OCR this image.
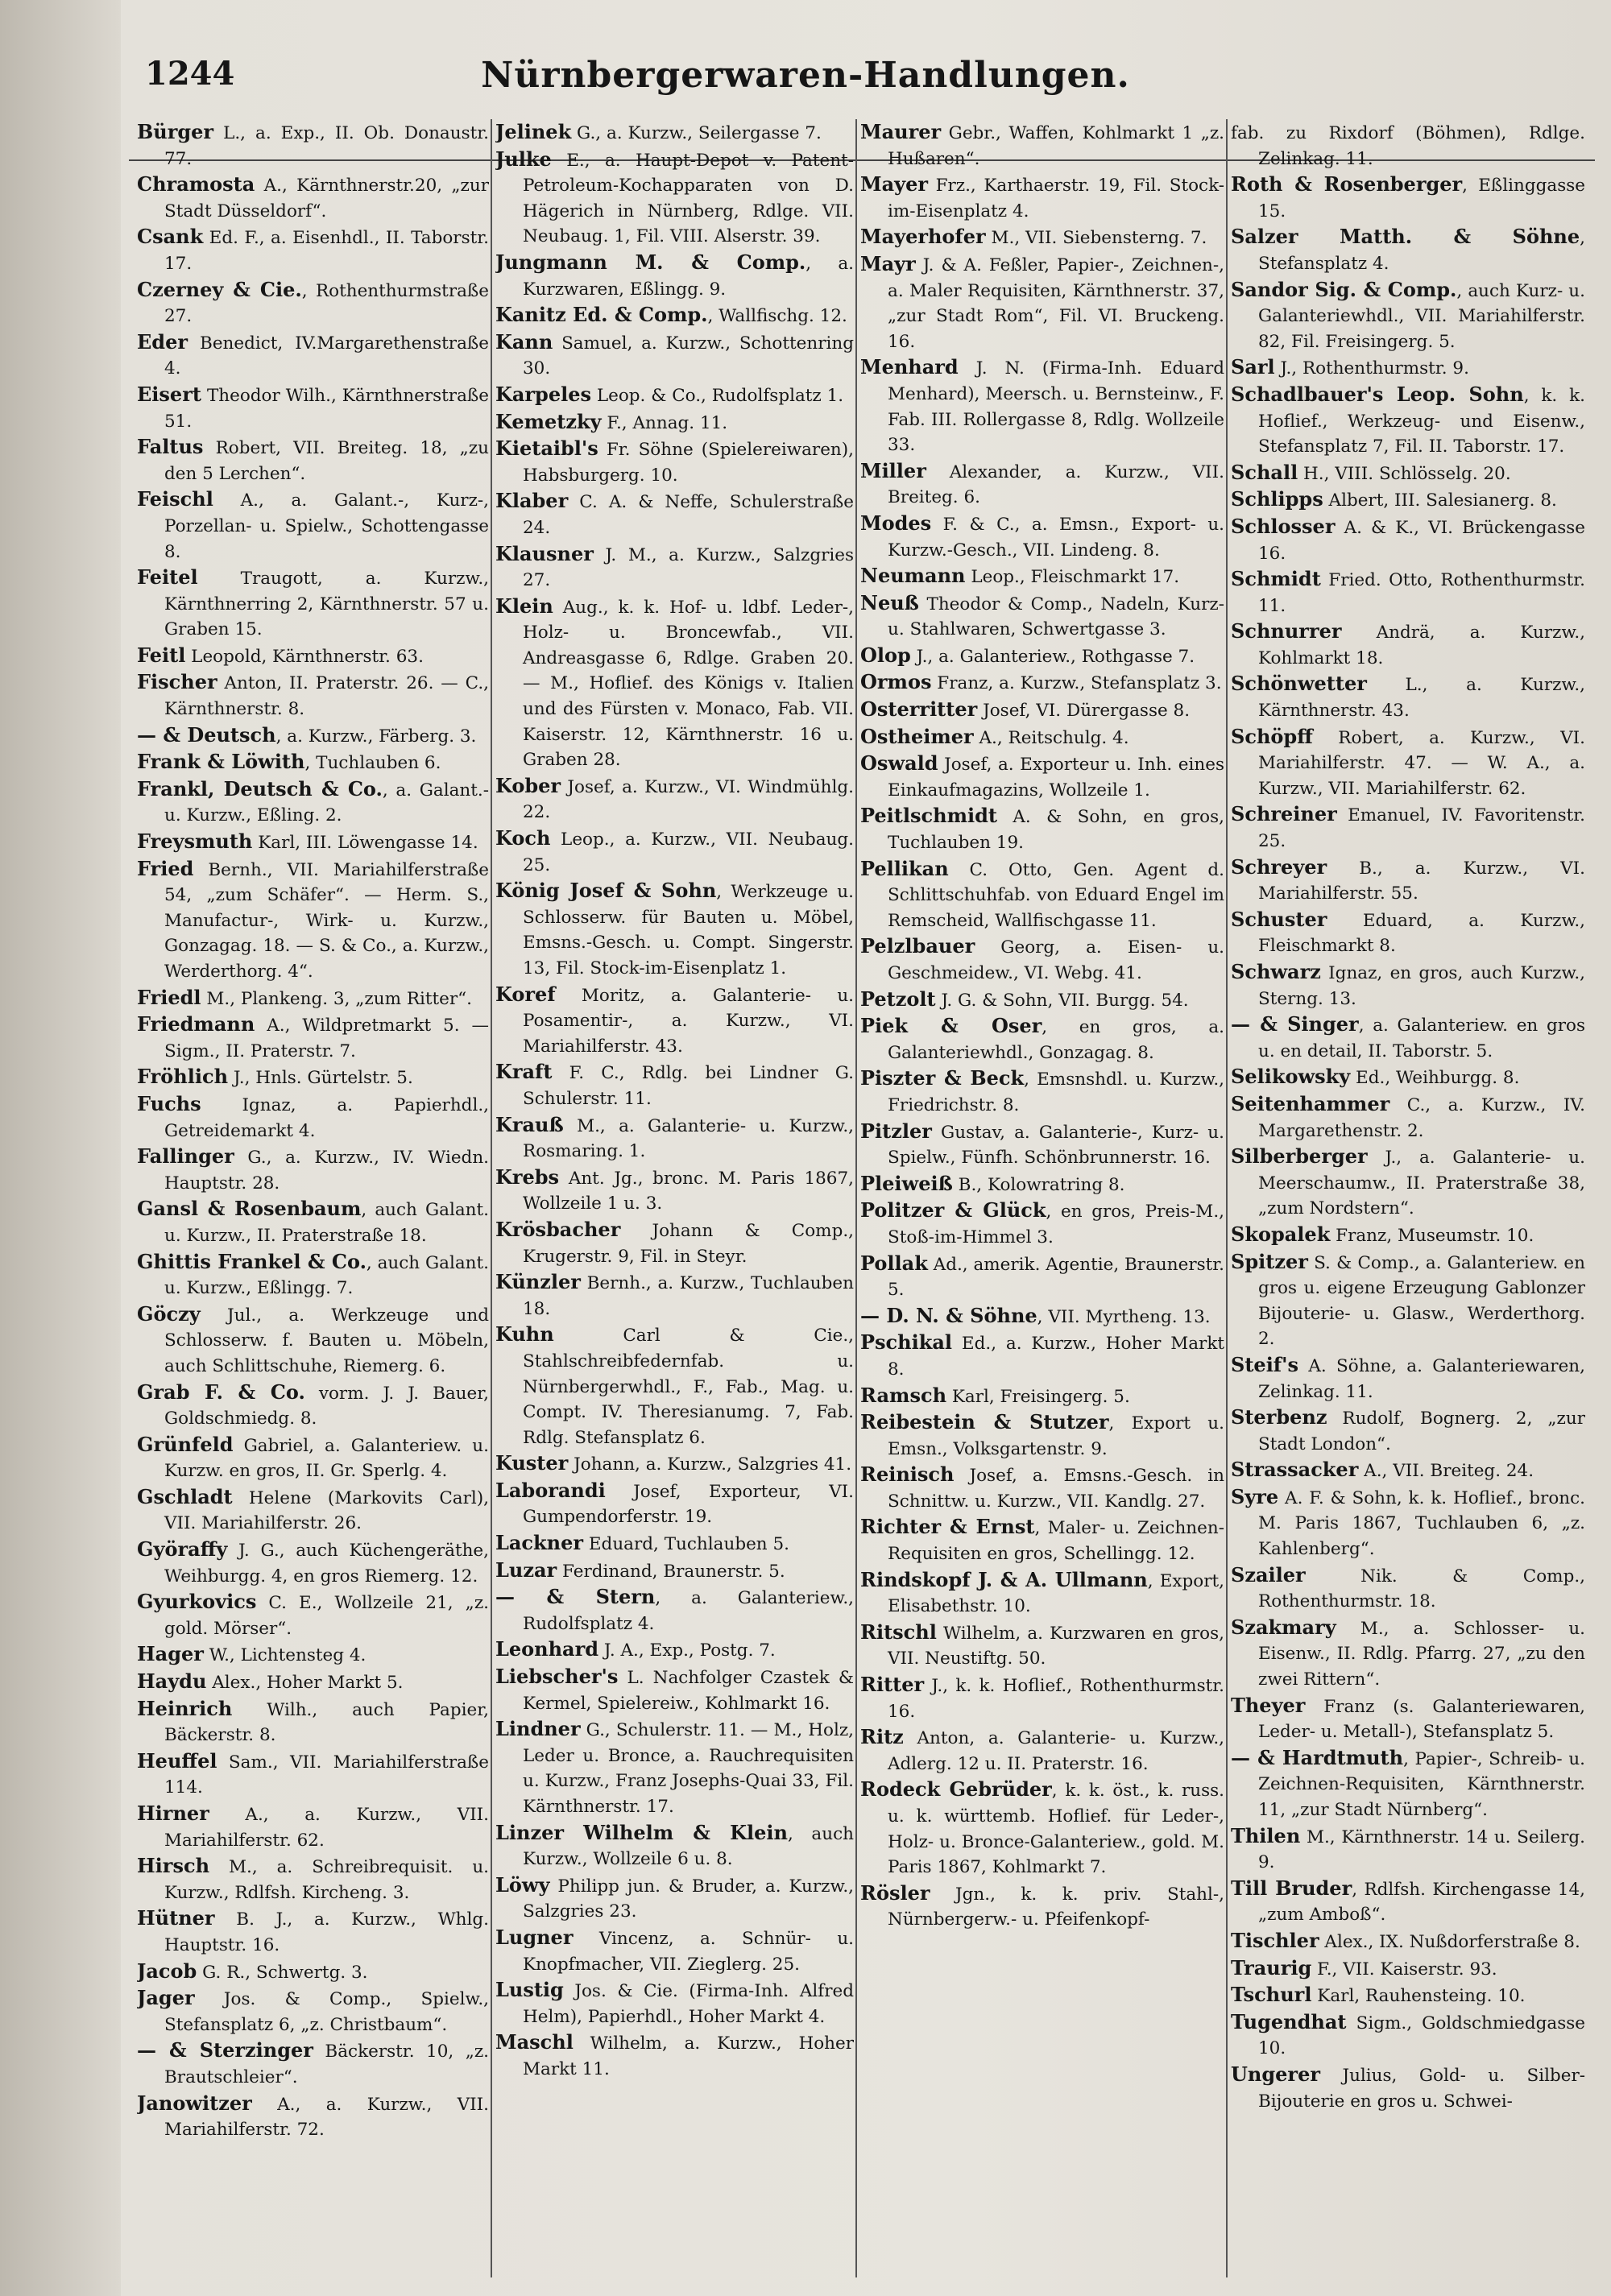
1244	Nürnbergerwaren-Handlungen.

Bürger L., a. Exp., II. Ob. Donaustr. 77.

Chramosta A., Kärnthnerstr.20, „zur Stadt Düsseldorf“.

Csank Ed. F., a. Eisenhdl., II. Taborstr. 17.

Czerney & Cie., Rothenthurmstraße 27.

Eder Benedict, IV.Margarethenstraße 4.

Eisert Theodor Wilh., Kärnthnerstraße 51.

Faltus Robert, VII. Breiteg. 18, „zu den 5 Lerchen“.

Feischl A., a. Galant.-, Kurz-, Porzellan- u. Spielw., Schottengasse 8.

Feitel Traugott, a. Kurzw., Kärnthnerring 2, Kärnthnerstr. 57 u. Graben 15.

Feitl Leopold, Kärnthnerstr. 63.

Fischer Anton, II. Praterstr. 26. — C., Kärnthnerstr. 8.

— & Deutsch, a. Kurzw., Färberg. 3.

Frank & Löwith, Tuchlauben 6.

Frankl, Deutsch & Co., a. Galant.- u. Kurzw., Eßling. 2.

Freysmuth Karl, III. Löwengasse 14.

Fried Bernh., VII. Mariahilferstraße 54, „zum Schäfer“. — Herm. S., Manufactur-, Wirk- u. Kurzw., Gonzagag. 18. — S. & Co., a. Kurzw., Werderthorg. 4“.

Friedl M., Plankeng. 3, „zum Ritter“.

Friedmann A., Wildpretmarkt 5. — Sigm., II. Praterstr. 7.

Fröhlich J., Hnls. Gürtelstr. 5.

Fuchs Ignaz, a. Papierhdl., Getreidemarkt 4.

Fallinger G., a. Kurzw., IV. Wiedn. Hauptstr. 28.

Gansl & Rosenbaum, auch Galant. u. Kurzw., II. Praterstraße 18.

Ghittis Frankel & Co., auch Galant. u. Kurzw., Eßlingg. 7.

Göczy Jul., a. Werkzeuge und Schlosserw. f. Bauten u. Möbeln, auch Schlittschuhe, Riemerg. 6.

Grab F. & Co. vorm. J. J. Bauer, Goldschmiedg. 8.

Grünfeld Gabriel, a. Galanteriew. u. Kurzw. en gros, II. Gr. Sperlg. 4.

Gschladt Helene (Markovits Carl), VII. Mariahilferstr. 26.

Györaffy J. G., auch Küchengeräthe, Weihburgg. 4, en gros Riemerg. 12.

Gyurkovics C. E., Wollzeile 21, „z. gold. Mörser“.

Hager W., Lichtensteg 4.

Haydu Alex., Hoher Markt 5.

Heinrich Wilh., auch Papier, Bäckerstr. 8.

Heuffel Sam., VII. Mariahilferstraße 114.

Hirner A., a. Kurzw., VII. Mariahilferstr. 62.

Hirsch M., a. Schreibrequisit. u. Kurzw., Rdlfsh. Kircheng. 3.

Hütner B. J., a. Kurzw., Whlg. Hauptstr. 16.

Jacob G. R., Schwertg. 3.

Jager Jos. & Comp., Spielw., Stefansplatz 6, „z. Christbaum“.

— & Sterzinger Bäckerstr. 10, „z. Brautschleier“.

Janowitzer A., a. Kurzw., VII. Mariahilferstr. 72.

Jelinek G., a. Kurzw., Seilergasse 7.

Julke E., a. Haupt-Depot v. Patent-Petroleum-Kochapparaten von D. Hägerich in Nürnberg, Rdlge. VII. Neubaug. 1, Fil. VIII. Alserstr. 39.

Jungmann M. & Comp., a. Kurzwaren, Eßlingg. 9.

Kanitz Ed. & Comp., Wallfischg. 12.

Kann Samuel, a. Kurzw., Schottenring 30.

Karpeles Leop. & Co., Rudolfsplatz 1.

Kemetzky F., Annag. 11.

Kietaibl's Fr. Söhne (Spielereiwaren), Habsburgerg. 10.

Klaber C. A. & Neffe, Schulerstraße 24.

Klausner J. M., a. Kurzw., Salzgries 27.

Klein Aug., k. k. Hof- u. ldbf. Leder-, Holz- u. Broncewfab., VII. Andreasgasse 6, Rdlge. Graben 20. — M., Hoflief. des Königs v. Italien und des Fürsten v. Monaco, Fab. VII. Kaiserstr. 12, Kärnthnerstr. 16 u. Graben 28.

Kober Josef, a. Kurzw., VI. Windmühlg. 22.

Koch Leop., a. Kurzw., VII. Neubaug. 25.

König Josef & Sohn, Werkzeuge u. Schlosserw. für Bauten u. Möbel, Emsns.-Gesch. u. Compt. Singerstr. 13, Fil. Stock-im-Eisenplatz 1.

Koref Moritz, a. Galanterie- u. Posamentir-, a. Kurzw., VI. Mariahilferstr. 43.

Kraft F. C., Rdlg. bei Lindner G. Schulerstr. 11.

Krauß M., a. Galanterie- u. Kurzw., Rosmaring. 1.

Krebs Ant. Jg., bronc. M. Paris 1867, Wollzeile 1 u. 3.

Krösbacher Johann & Comp., Krugerstr. 9, Fil. in Steyr.

Künzler Bernh., a. Kurzw., Tuchlauben 18.

Kuhn Carl & Cie., Stahlschreibfedernfab. u. Nürnbergerwhdl., F., Fab., Mag. u. Compt. IV. Theresianumg. 7, Fab. Rdlg. Stefansplatz 6.

Kuster Johann, a. Kurzw., Salzgries 41.

Laborandi Josef, Exporteur, VI. Gumpendorferstr. 19.

Lackner Eduard, Tuchlauben 5.

Luzar Ferdinand, Braunerstr. 5.

— & Stern, a. Galanteriew., Rudolfsplatz 4.

Leonhard J. A., Exp., Postg. 7.

Liebscher's L. Nachfolger Czastek & Kermel, Spielereiw., Kohlmarkt 16.

Lindner G., Schulerstr. 11. — M., Holz, Leder u. Bronce, a. Rauchrequisiten u. Kurzw., Franz Josephs-Quai 33, Fil. Kärnthnerstr. 17.

Linzer Wilhelm & Klein, auch Kurzw., Wollzeile 6 u. 8.

Löwy Philipp jun. & Bruder, a. Kurzw., Salzgries 23.

Lugner Vincenz, a. Schnür- u. Knopfmacher, VII. Zieglerg. 25.

Lustig Jos. & Cie. (Firma-Inh. Alfred Helm), Papierhdl., Hoher Markt 4.

Maschl Wilhelm, a. Kurzw., Hoher Markt 11.

Maurer Gebr., Waffen, Kohlmarkt 1 „z. Hußaren“.

Mayer Frz., Karthaerstr. 19, Fil. Stock-im-Eisenplatz 4.

Mayerhofer M., VII. Siebensterng. 7.

Mayr J. & A. Feßler, Papier-, Zeichnen-, a. Maler Requisiten, Kärnthnerstr. 37, „zur Stadt Rom“, Fil. VI. Bruckeng. 16.

Menhard J. N. (Firma-Inh. Eduard Menhard), Meersch. u. Bernsteinw., F. Fab. III. Rollergasse 8, Rdlg. Wollzeile 33.

Miller Alexander, a. Kurzw., VII. Breiteg. 6.

Modes F. & C., a. Emsn., Export- u. Kurzw.-Gesch., VII. Lindeng. 8.

Neumann Leop., Fleischmarkt 17.

Neuß Theodor & Comp., Nadeln, Kurz- u. Stahlwaren, Schwertgasse 3.

Olop J., a. Galanteriew., Rothgasse 7.

Ormos Franz, a. Kurzw., Stefansplatz 3.

Osterritter Josef, VI. Dürergasse 8.

Ostheimer A., Reitschulg. 4.

Oswald Josef, a. Exporteur u. Inh. eines Einkaufmagazins, Wollzeile 1.

Peitlschmidt A. & Sohn, en gros, Tuchlauben 19.

Pellikan C. Otto, Gen. Agent d. Schlittschuhfab. von Eduard Engel im Remscheid, Wallfischgasse 11.

Pelzlbauer Georg, a. Eisen- u. Geschmeidew., VI. Webg. 41.

Petzolt J. G. & Sohn, VII. Burgg. 54.

Piek & Oser, en gros, a. Galanteriewhdl., Gonzagag. 8.

Piszter & Beck, Emsnshdl. u. Kurzw., Friedrichstr. 8.

Pitzler Gustav, a. Galanterie-, Kurz- u. Spielw., Fünfh. Schönbrunnerstr. 16.

Pleiweiß B., Kolowratring 8.

Politzer & Glück, en gros, Preis-M., Stoß-im-Himmel 3.

Pollak Ad., amerik. Agentie, Braunerstr. 5.

— D. N. & Söhne, VII. Myrtheng. 13.

Pschikal Ed., a. Kurzw., Hoher Markt 8.

Ramsch Karl, Freisingerg. 5.

Reibestein & Stutzer, Export u. Emsn., Volksgartenstr. 9.

Reinisch Josef, a. Emsns.-Gesch. in Schnittw. u. Kurzw., VII. Kandlg. 27.

Richter & Ernst, Maler- u. Zeichnen-Requisiten en gros, Schellingg. 12.

Rindskopf J. & A. Ullmann, Export, Elisabethstr. 10.

Ritschl Wilhelm, a. Kurzwaren en gros, VII. Neustiftg. 50.

Ritter J., k. k. Hoflief., Rothenthurmstr. 16.

Ritz Anton, a. Galanterie- u. Kurzw., Adlerg. 12 u. II. Praterstr. 16.

Rodeck Gebrüder, k. k. öst., k. russ. u. k. württemb. Hoflief. für Leder-, Holz- u. Bronce-Galanteriew., gold. M. Paris 1867, Kohlmarkt 7.

Rösler Jgn., k. k. priv. Stahl-, Nürnbergerw.- u. Pfeifenkopf-

fab. zu Rixdorf (Böhmen), Rdlge. Zelinkag. 11.

Roth & Rosenberger, Eßlinggasse 15.

Salzer Matth. & Söhne, Stefansplatz 4.

Sandor Sig. & Comp., auch Kurz- u. Galanteriewhdl., VII. Mariahilferstr. 82, Fil. Freisingerg. 5.

Sarl J., Rothenthurmstr. 9.

Schadlbauer's Leop. Sohn, k. k. Hoflief., Werkzeug- und Eisenw., Stefansplatz 7, Fil. II. Taborstr. 17.

Schall H., VIII. Schlösselg. 20.

Schlipps Albert, III. Salesianerg. 8.

Schlosser A. & K., VI. Brückengasse 16.

Schmidt Fried. Otto, Rothenthurmstr. 11.

Schnurrer Andrä, a. Kurzw., Kohlmarkt 18.

Schönwetter L., a. Kurzw., Kärnthnerstr. 43.

Schöpff Robert, a. Kurzw., VI. Mariahilferstr. 47. — W. A., a. Kurzw., VII. Mariahilferstr. 62.

Schreiner Emanuel, IV. Favoritenstr. 25.

Schreyer B., a. Kurzw., VI. Mariahilferstr. 55.

Schuster Eduard, a. Kurzw., Fleischmarkt 8.

Schwarz Ignaz, en gros, auch Kurzw., Sterng. 13.

— & Singer, a. Galanteriew. en gros u. en detail, II. Taborstr. 5.

Selikowsky Ed., Weihburgg. 8.

Seitenhammer C., a. Kurzw., IV. Margarethenstr. 2.

Silberberger J., a. Galanterie- u. Meerschaumw., II. Praterstraße 38, „zum Nordstern“.

Skopalek Franz, Museumstr. 10.

Spitzer S. & Comp., a. Galanteriew. en gros u. eigene Erzeugung Gablonzer Bijouterie- u. Glasw., Werderthorg. 2.

Steif's A. Söhne, a. Galanteriewaren, Zelinkag. 11.

Sterbenz Rudolf, Bognerg. 2, „zur Stadt London“.

Strassacker A., VII. Breiteg. 24.

Syre A. F. & Sohn, k. k. Hoflief., bronc. M. Paris 1867, Tuchlauben 6, „z. Kahlenberg“.

Szailer Nik. & Comp., Rothenthurmstr. 18.

Szakmary M., a. Schlosser- u. Eisenw., II. Rdlg. Pfarrg. 27, „zu den zwei Rittern“.

Theyer Franz (s. Galanteriewaren, Leder- u. Metall-), Stefansplatz 5.

— & Hardtmuth, Papier-, Schreib- u. Zeichnen-Requisiten, Kärnthnerstr. 11, „zur Stadt Nürnberg“.

Thilen M., Kärnthnerstr. 14 u. Seilerg. 9.

Till Bruder, Rdlfsh. Kirchengasse 14, „zum Amboß“.

Tischler Alex., IX. Nußdorferstraße 8.

Traurig F., VII. Kaiserstr. 93.

Tschurl Karl, Rauhensteing. 10.

Tugendhat Sigm., Goldschmiedgasse 10.

Ungerer Julius, Gold- u. Silber-Bijouterie en gros u. Schwei-
